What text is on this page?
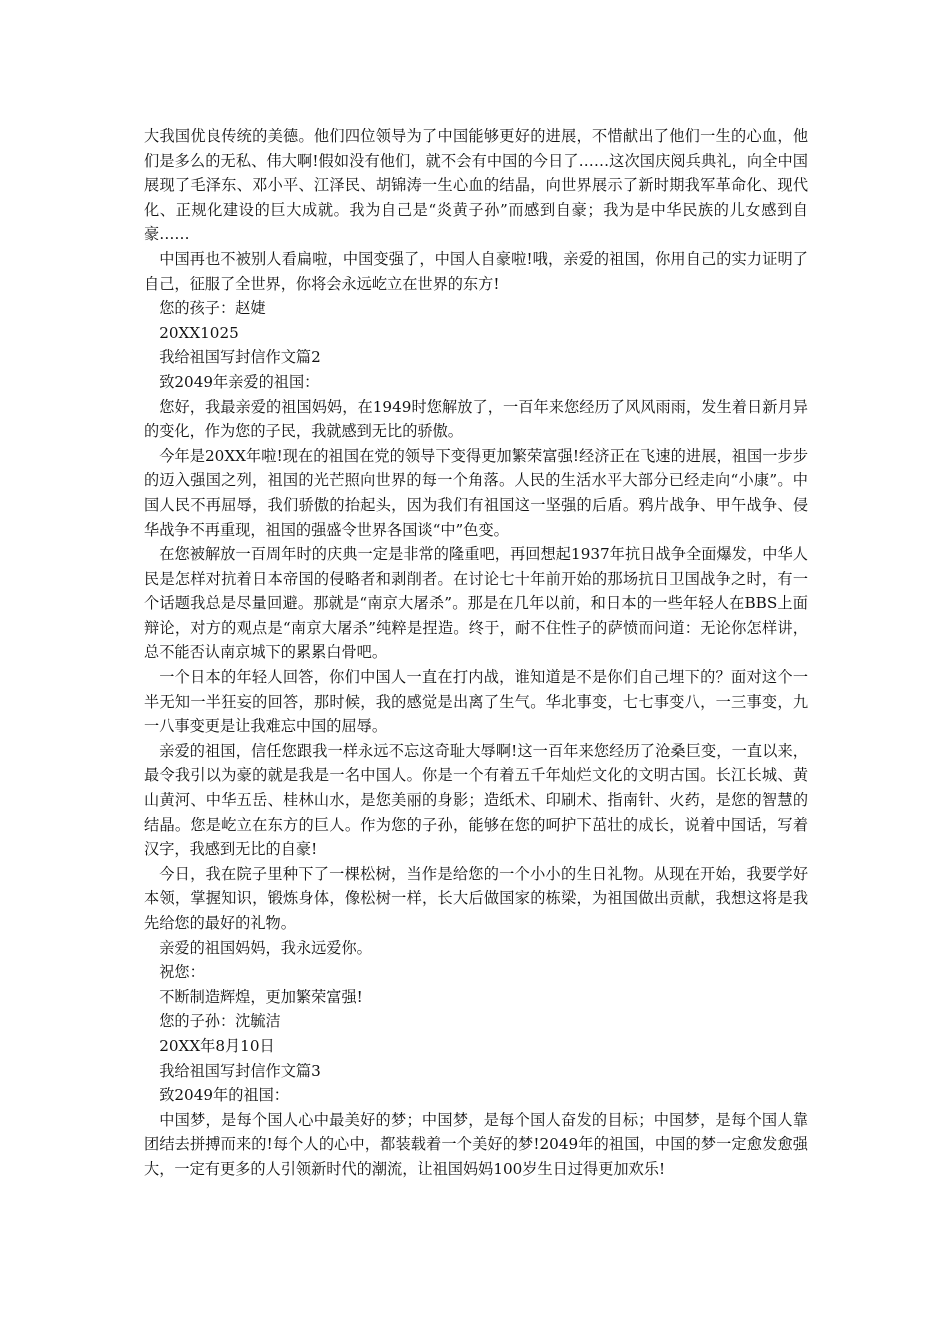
大我国优良传统的美德。他们四位领导为了中国能够更好的进展，不惜献出了他们一生的心血，他们是多么的无私、伟大啊!假如没有他们，就不会有中国的今日了……这次国庆阅兵典礼，向全中国展现了毛泽东、邓小平、江泽民、胡锦涛一生心血的结晶，向世界展示了新时期我军革命化、现代化、正规化建设的巨大成就。我为自己是“炎黄子孙”而感到自豪；我为是中华民族的儿女感到自豪……

中国再也不被别人看扁啦，中国变强了，中国人自豪啦!哦，亲爱的祖国，你用自己的实力证明了自己，征服了全世界，你将会永远屹立在世界的东方!

您的孩子：赵婕

20XX1025

我给祖国写封信作文篇2

致2049年亲爱的祖国：

您好，我最亲爱的祖国妈妈，在1949时您解放了，一百年来您经历了风风雨雨，发生着日新月异的变化，作为您的子民，我就感到无比的骄傲。

今年是20XX年啦!现在的祖国在党的领导下变得更加繁荣富强!经济正在飞速的进展，祖国一步步的迈入强国之列，祖国的光芒照向世界的每一个角落。人民的生活水平大部分已经走向“小康”。中国人民不再屈辱，我们骄傲的抬起头，因为我们有祖国这一坚强的后盾。鸦片战争、甲午战争、侵华战争不再重现，祖国的强盛令世界各国谈“中”色变。

在您被解放一百周年时的庆典一定是非常的隆重吧，再回想起1937年抗日战争全面爆发，中华人民是怎样对抗着日本帝国的侵略者和剥削者。在讨论七十年前开始的那场抗日卫国战争之时，有一个话题我总是尽量回避。那就是“南京大屠杀”。那是在几年以前，和日本的一些年轻人在BBS上面辩论，对方的观点是“南京大屠杀”纯粹是捏造。终于，耐不住性子的萨愤而问道：无论你怎样讲，总不能否认南京城下的累累白骨吧。

一个日本的年轻人回答，你们中国人一直在打内战，谁知道是不是你们自己埋下的？面对这个一半无知一半狂妄的回答，那时候，我的感觉是出离了生气。华北事变，七七事变八，一三事变，九一八事变更是让我难忘中国的屈辱。

亲爱的祖国，信任您跟我一样永远不忘这奇耻大辱啊!这一百年来您经历了沧桑巨变，一直以来，最令我引以为豪的就是我是一名中国人。你是一个有着五千年灿烂文化的文明古国。长江长城、黄山黄河、中华五岳、桂林山水，是您美丽的身影；造纸术、印刷术、指南针、火药，是您的智慧的结晶。您是屹立在东方的巨人。作为您的子孙，能够在您的呵护下茁壮的成长，说着中国话，写着汉字，我感到无比的自豪!

今日，我在院子里种下了一棵松树，当作是给您的一个小小的生日礼物。从现在开始，我要学好本领，掌握知识，锻炼身体，像松树一样，长大后做国家的栋梁，为祖国做出贡献，我想这将是我先给您的最好的礼物。

亲爱的祖国妈妈，我永远爱你。

祝您：

不断制造辉煌，更加繁荣富强!

您的子孙：沈毓洁

20XX年8月10日

我给祖国写封信作文篇3

致2049年的祖国：

中国梦，是每个国人心中最美好的梦；中国梦，是每个国人奋发的目标；中国梦，是每个国人靠团结去拼搏而来的!每个人的心中，都装载着一个美好的梦!2049年的祖国，中国的梦一定愈发愈强大，一定有更多的人引领新时代的潮流，让祖国妈妈100岁生日过得更加欢乐!
